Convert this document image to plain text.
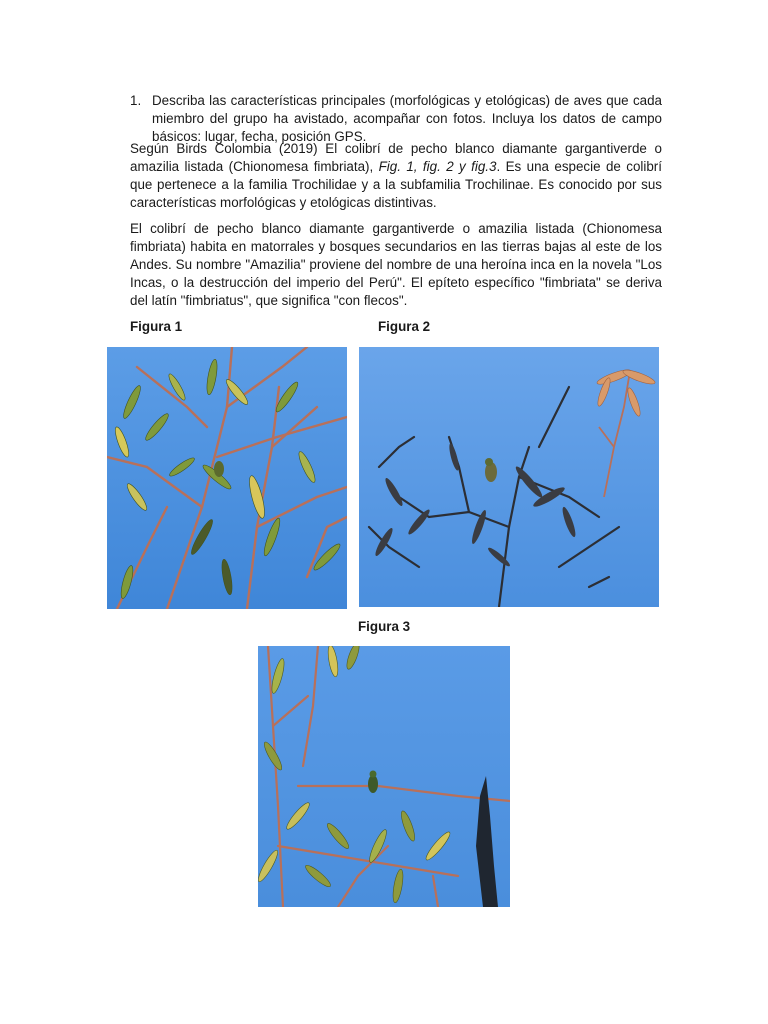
1. Describa las características principales (morfológicas y etológicas) de aves que cada miembro del grupo ha avistado, acompañar con fotos. Incluya los datos de campo básicos: lugar, fecha, posición GPS.
Según Birds Colombia (2019) El colibrí de pecho blanco diamante gargantiverde o amazilia listada (Chionomesa fimbriata), Fig. 1, fig. 2 y fig.3. Es una especie de colibrí que pertenece a la familia Trochilidae y a la subfamilia Trochilinae. Es conocido por sus características morfológicas y etológicas distintivas.
El colibrí de pecho blanco diamante gargantiverde o amazilia listada (Chionomesa fimbriata) habita en matorrales y bosques secundarios en las tierras bajas al este de los Andes. Su nombre "Amazilia" proviene del nombre de una heroína inca en la novela "Los Incas, o la destrucción del imperio del Perú". El epíteto específico "fimbriata" se deriva del latín "fimbriatus", que significa "con flecos".
Figura 1	Figura 2
Figura 3
